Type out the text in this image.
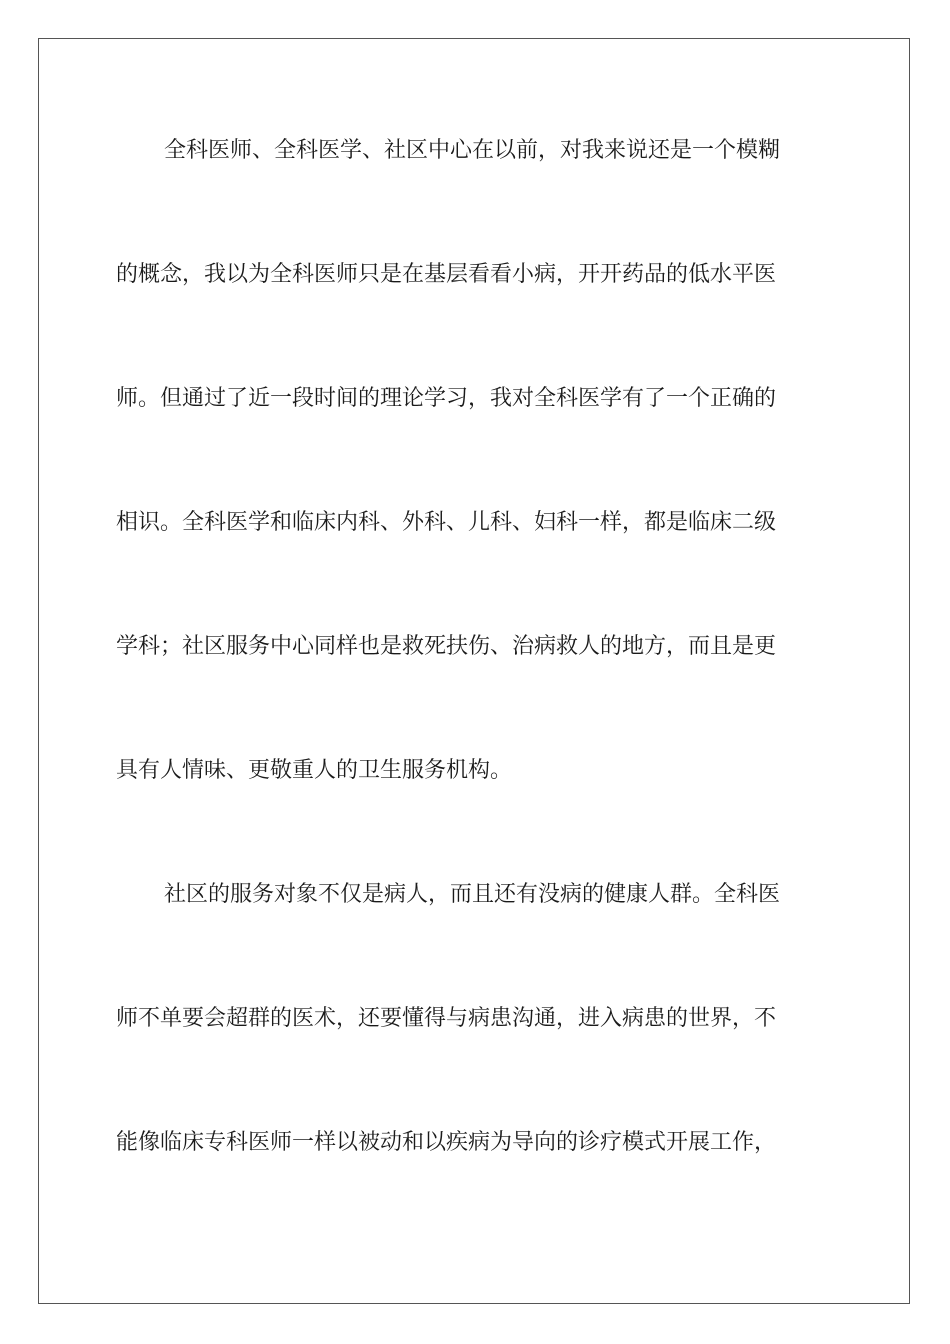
全科医师、全科医学、社区中心在以前，对我来说还是一个模糊

的概念，我以为全科医师只是在基层看看小病，开开药品的低水平医

师。但通过了近一段时间的理论学习，我对全科医学有了一个正确的

相识。全科医学和临床内科、外科、儿科、妇科一样，都是临床二级

学科；社区服务中心同样也是救死扶伤、治病救人的地方，而且是更

具有人情味、更敬重人的卫生服务机构。

社区的服务对象不仅是病人，而且还有没病的健康人群。全科医

师不单要会超群的医术，还要懂得与病患沟通，进入病患的世界，不

能像临床专科医师一样以被动和以疾病为导向的诊疗模式开展工作，
